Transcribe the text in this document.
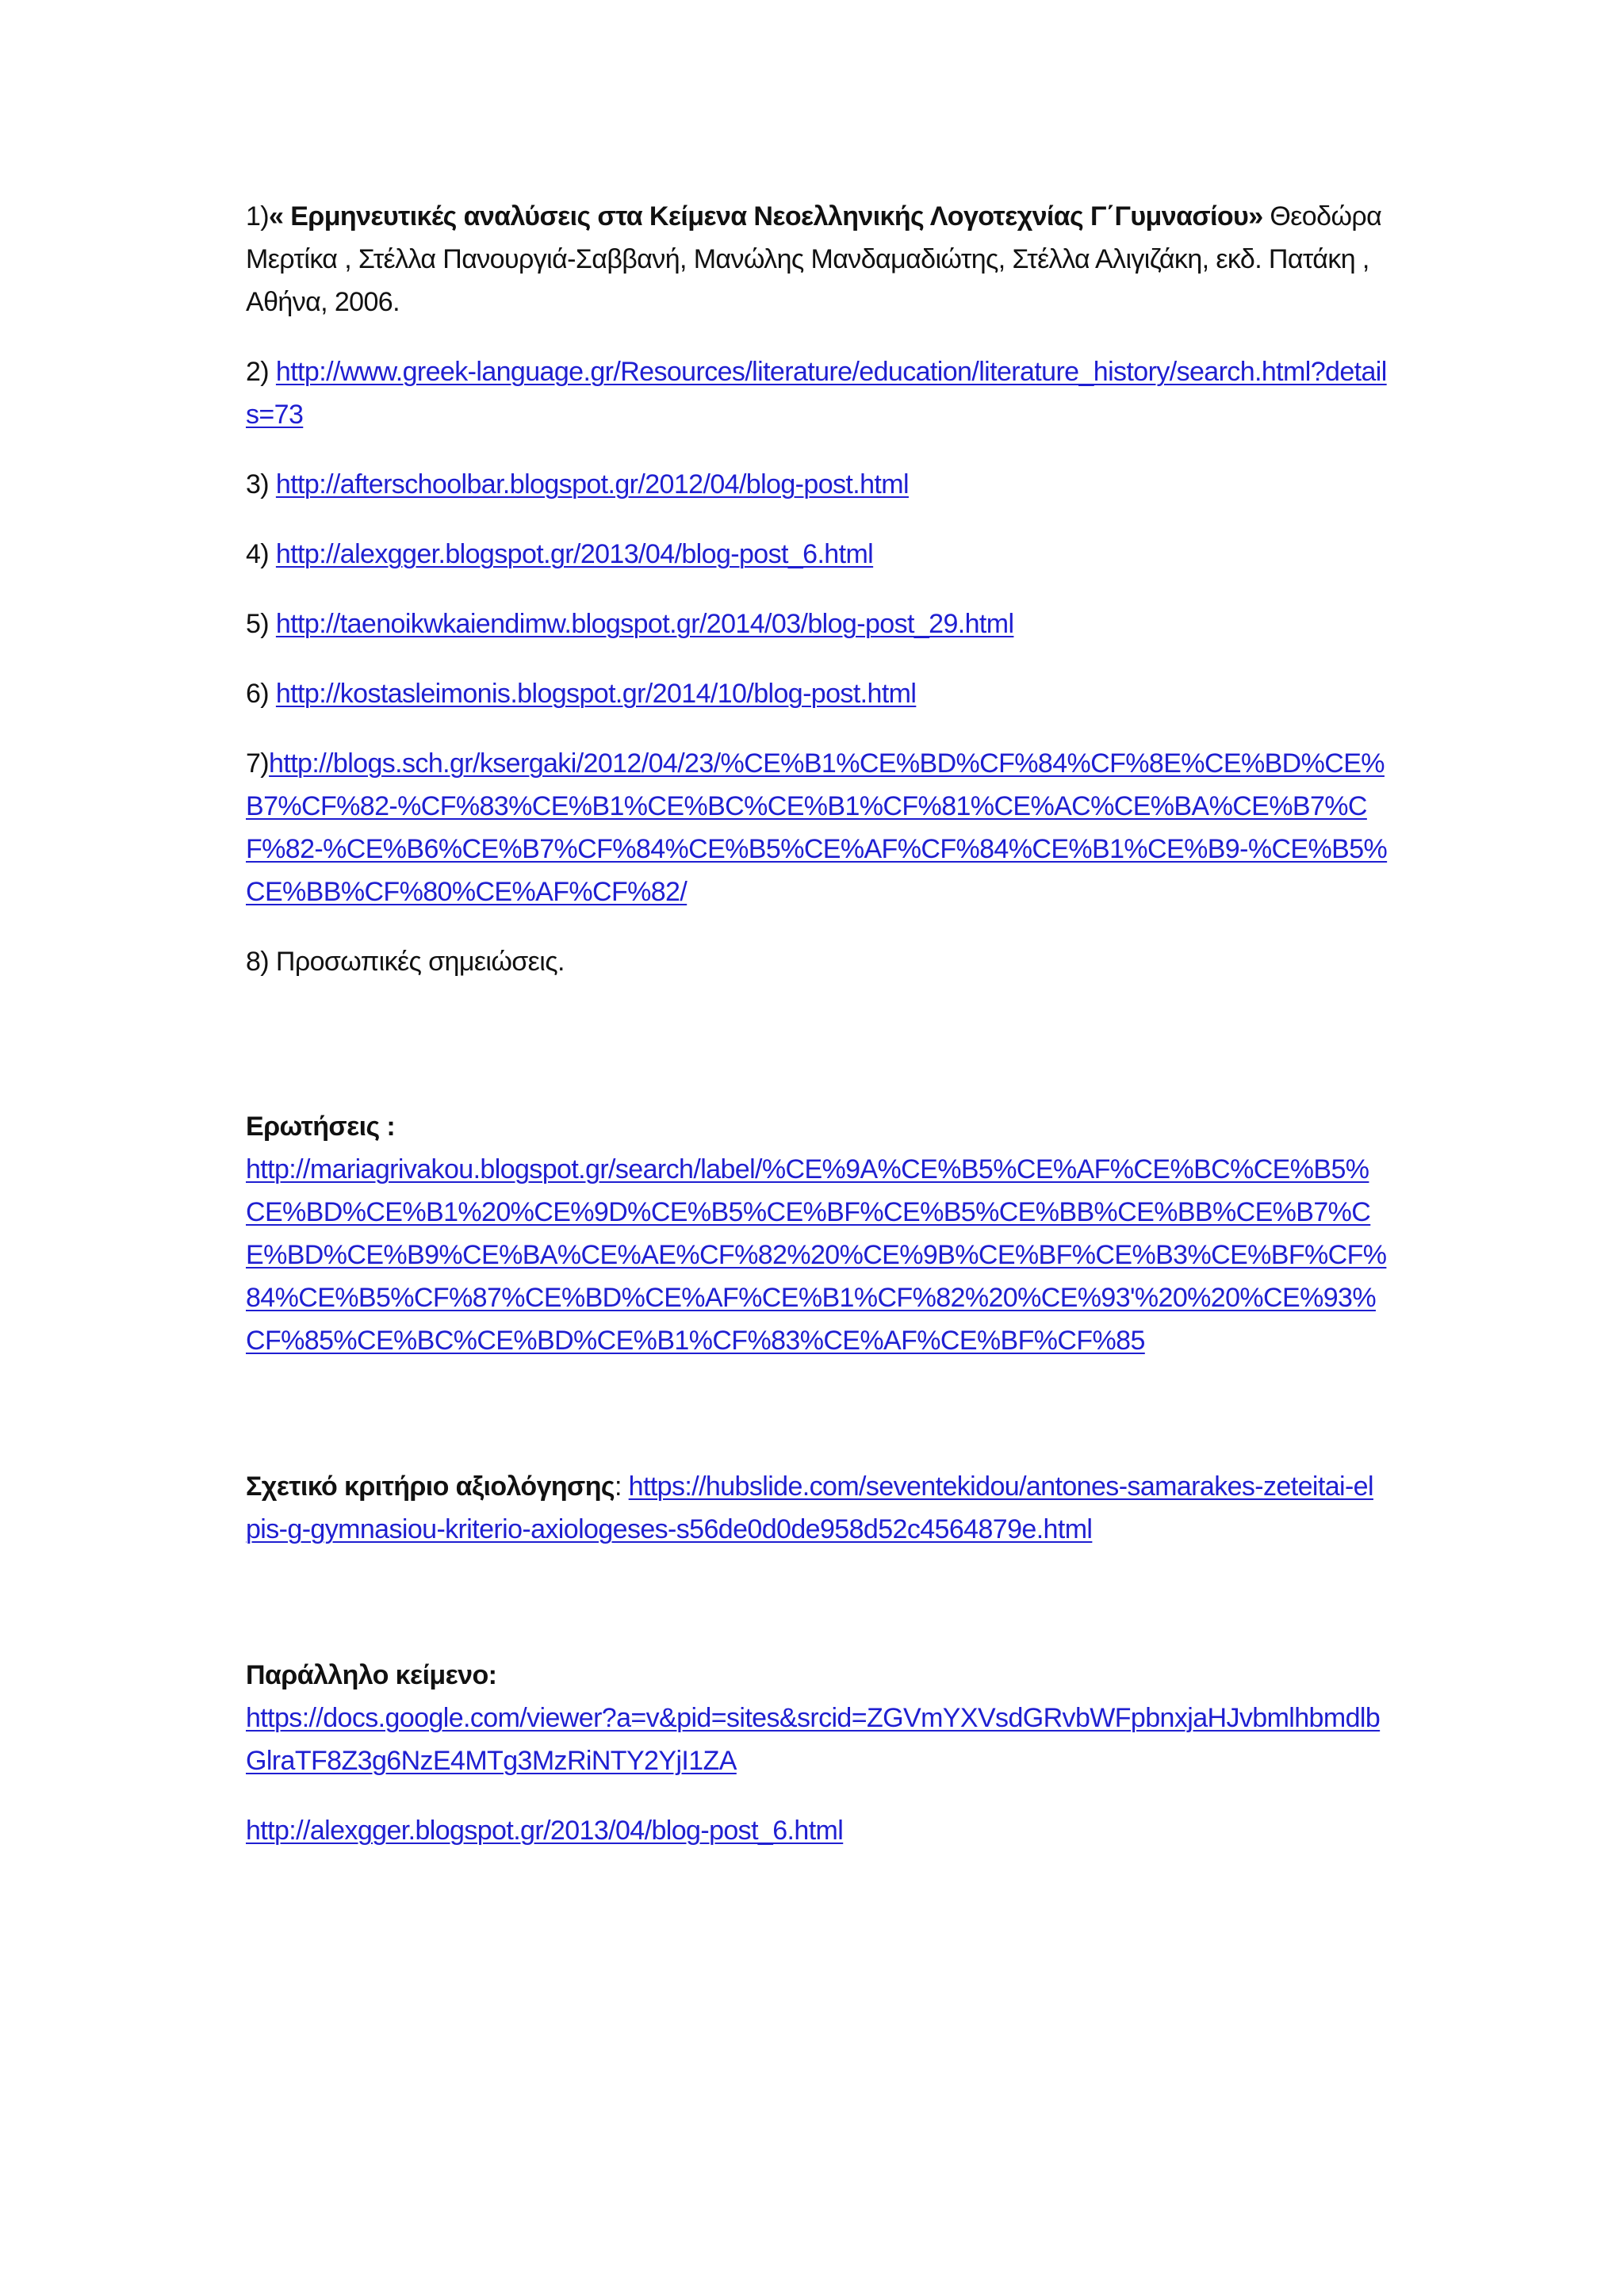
1)« Ερμηνευτικές αναλύσεις στα Κείμενα Νεοελληνικής Λογοτεχνίας Γ΄Γυμνασίου» Θεοδώρα Μερτίκα , Στέλλα Πανουργιά-Σαββανή, Μανώλης Μανδαμαδιώτης, Στέλλα Αλιγιζάκη, εκδ. Πατάκη , Αθήνα, 2006.

2) http://www.greek-language.gr/Resources/literature/education/literature_history/search.html?details=73

3) http://afterschoolbar.blogspot.gr/2012/04/blog-post.html

4) http://alexgger.blogspot.gr/2013/04/blog-post_6.html

5) http://taenoikwkaiendimw.blogspot.gr/2014/03/blog-post_29.html

6) http://kostasleimonis.blogspot.gr/2014/10/blog-post.html

7)http://blogs.sch.gr/ksergaki/2012/04/23/%CE%B1%CE%BD%CF%84%CF%8E%CE%BD%CE%B7%CF%82-%CF%83%CE%B1%CE%BC%CE%B1%CF%81%CE%AC%CE%BA%CE%B7%CF%82-%CE%B6%CE%B7%CF%84%CE%B5%CE%AF%CF%84%CE%B1%CE%B9-%CE%B5%CE%BB%CF%80%CE%AF%CF%82/

8) Προσωπικές σημειώσεις.

Ερωτήσεις :

http://mariagrivakou.blogspot.gr/search/label/%CE%9A%CE%B5%CE%AF%CE%BC%CE%B5%CE%BD%CE%B1%20%CE%9D%CE%B5%CE%BF%CE%B5%CE%BB%CE%BB%CE%B7%CE%BD%CE%B9%CE%BA%CE%AE%CF%82%20%CE%9B%CE%BF%CE%B3%CE%BF%CF%84%CE%B5%CF%87%CE%BD%CE%AF%CE%B1%CF%82%20%CE%93'%20%20%CE%93%CF%85%CE%BC%CE%BD%CE%B1%CF%83%CE%AF%CE%BF%CF%85

Σχετικό κριτήριο αξιολόγησης: https://hubslide.com/seventekidou/antones-samarakes-zeteitai-elpis-g-gymnasiou-kriterio-axiologeses-s56de0d0de958d52c4564879e.html

Παράλληλο κείμενο:

https://docs.google.com/viewer?a=v&pid=sites&srcid=ZGVmYXVsdGRvbWFpbnxjaHJvbmlhbmdlbGlraTF8Z3g6NzE4MTg3MzRiNTY2YjI1ZA

http://alexgger.blogspot.gr/2013/04/blog-post_6.html
